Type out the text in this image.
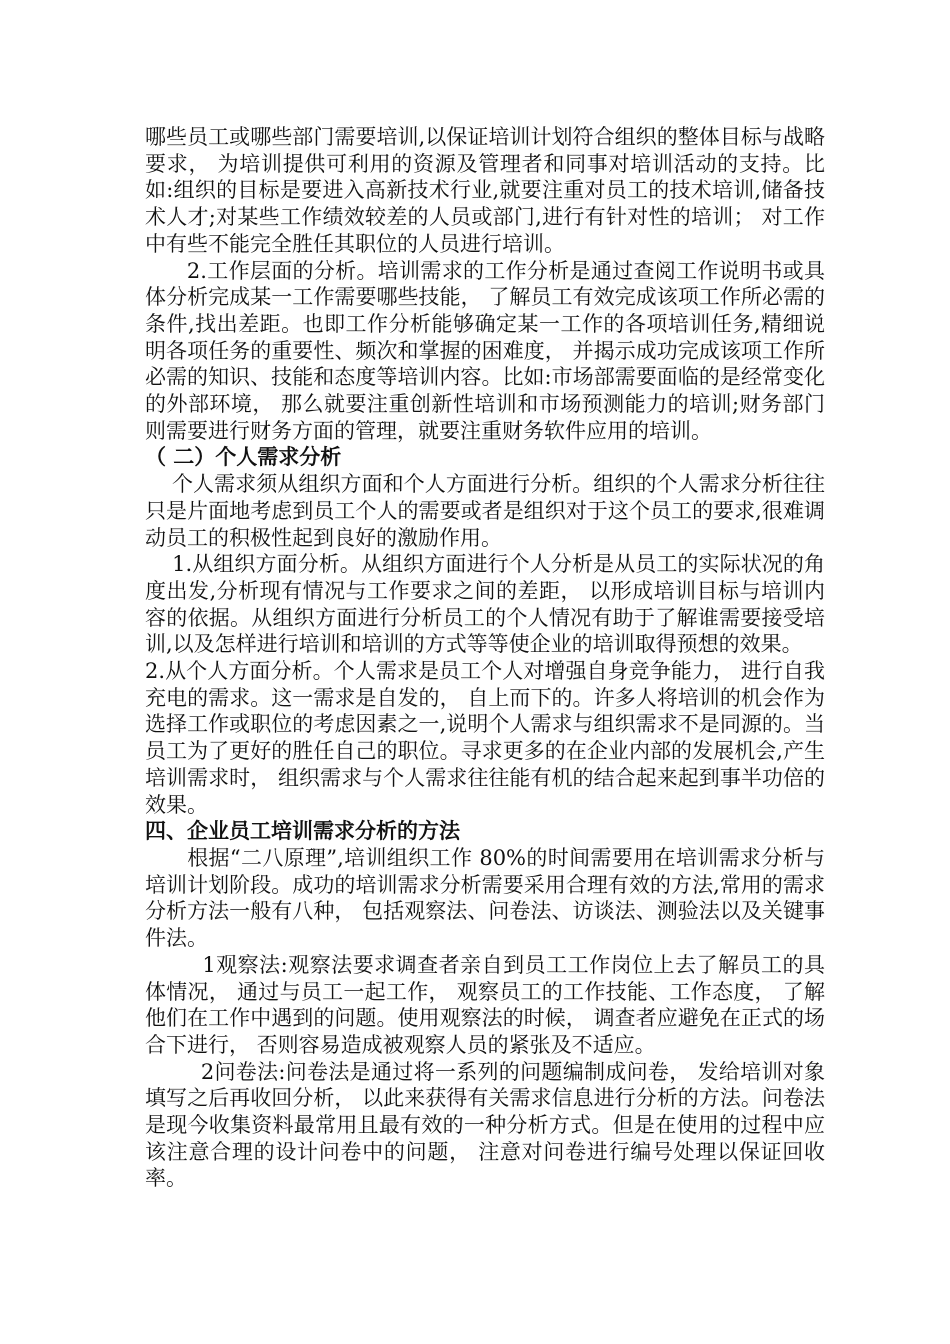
哪些员工或哪些部门需要培训,以保证培训计划符合组织的整体目标与战略要求， 为培训提供可利用的资源及管理者和同事对培训活动的支持。比如:组织的目标是要进入高新技术行业,就要注重对员工的技术培训,储备技术人才;对某些工作绩效较差的人员或部门,进行有针对性的培训； 对工作中有些不能完全胜任其职位的人员进行培训。

2.工作层面的分析。培训需求的工作分析是通过查阅工作说明书或具体分析完成某一工作需要哪些技能， 了解员工有效完成该项工作所必需的条件,找出差距。也即工作分析能够确定某一工作的各项培训任务,精细说明各项任务的重要性、频次和掌握的困难度， 并揭示成功完成该项工作所必需的知识、技能和态度等培训内容。比如:市场部需要面临的是经常变化的外部环境， 那么就要注重创新性培训和市场预测能力的培训;财务部门则需要进行财务方面的管理，就要注重财务软件应用的培训。

（ 二）个人需求分析

个人需求须从组织方面和个人方面进行分析。组织的个人需求分析往往只是片面地考虑到员工个人的需要或者是组织对于这个员工的要求,很难调动员工的积极性起到良好的激励作用。

1.从组织方面分析。从组织方面进行个人分析是从员工的实际状况的角度出发,分析现有情况与工作要求之间的差距， 以形成培训目标与培训内容的依据。从组织方面进行分析员工的个人情况有助于了解谁需要接受培训,以及怎样进行培训和培训的方式等等使企业的培训取得预想的效果。

2.从个人方面分析。个人需求是员工个人对增强自身竞争能力， 进行自我充电的需求。这一需求是自发的， 自上而下的。许多人将培训的机会作为选择工作或职位的考虑因素之一,说明个人需求与组织需求不是同源的。当员工为了更好的胜任自己的职位。寻求更多的在企业内部的发展机会,产生培训需求时， 组织需求与个人需求往往能有机的结合起来起到事半功倍的效果。

四、企业员工培训需求分析的方法

根据“二八原理”,培训组织工作 80%的时间需要用在培训需求分析与培训计划阶段。成功的培训需求分析需要采用合理有效的方法,常用的需求分析方法一般有八种， 包括观察法、问卷法、访谈法、测验法以及关键事件法。

1观察法:观察法要求调查者亲自到员工工作岗位上去了解员工的具体情况， 通过与员工一起工作， 观察员工的工作技能、工作态度， 了解他们在工作中遇到的问题。使用观察法的时候， 调查者应避免在正式的场合下进行， 否则容易造成被观察人员的紧张及不适应。

2问卷法:问卷法是通过将一系列的问题编制成问卷， 发给培训对象填写之后再收回分析， 以此来获得有关需求信息进行分析的方法。问卷法是现今收集资料最常用且最有效的一种分析方式。但是在使用的过程中应该注意合理的设计问卷中的问题， 注意对问卷进行编号处理以保证回收率。
